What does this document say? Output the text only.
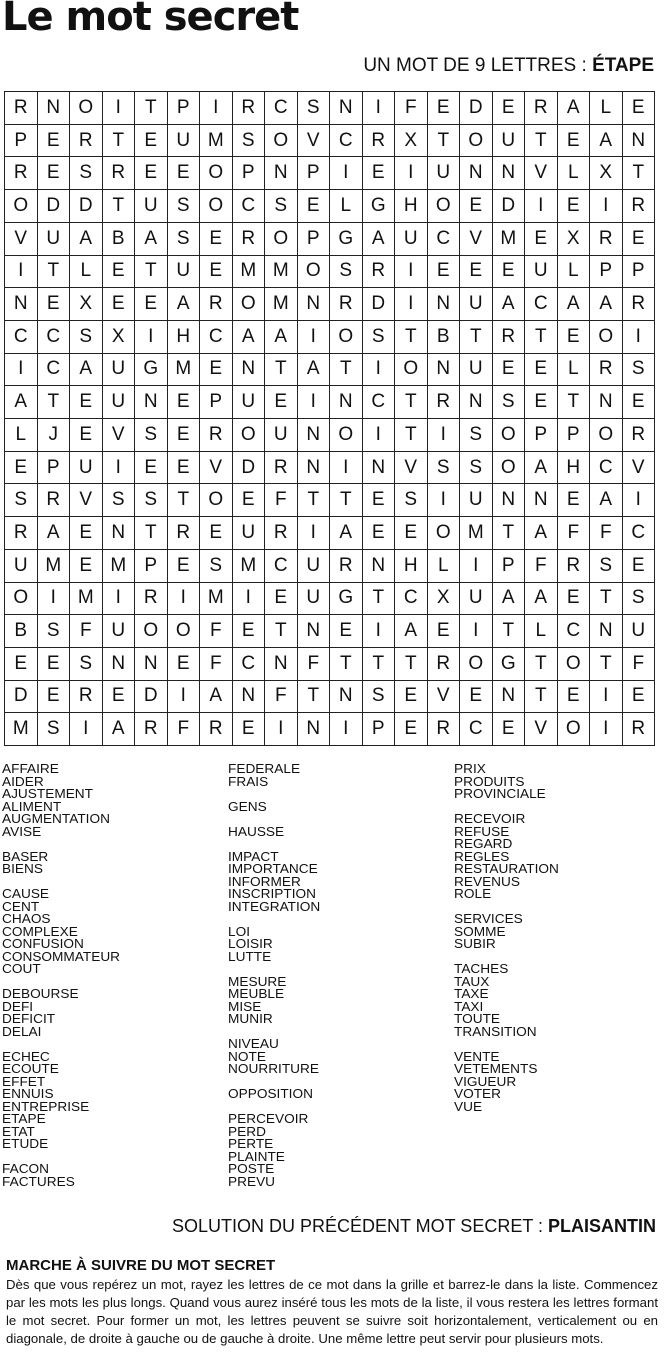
Le mot secret
UN MOT DE 9 LETTRES : ÉTAPE
R N O	I	T	P	I	R C	S	N	I	F	E	D	E	R	A	L	E
P	E	R	T	E	U M S O V	C R	X	T	O U	T	E	A	N
R	E	S	R	E	E O P	N	P	I	E	I	U N N	V	L	X	T
O D D	T	U	S O C	S	E	L	G H O E	D	I	E	I	R
V	U	A	B	A	S	E	R O P G A	U C	V M E	X	R	E
I	T	L	E	T	U	E M M O S	R	I	E	E	E	U	L	P	P
N	E	X	E	E	A	R O M N R D	I	N U	A	C	A	A	R
C C	S	X	I	H C	A	A	I	O S	T	B	T	R	T	E O	I
I	C	A	U G M E	N	T	A	T	I	O N U	E	E	L	R	S
A	T	E	U N	E	P	U	E	I	N C	T	R N	S	E	T	N	E
L	J	E	V	S	E	R O U N O	I	T	I	S O P	P O R
E	P	U	I	E	E	V	D R N	I	N	V	S	S O A	H C	V
S	R	V	S	S	T	O E	F	T	T	E	S	I	U N N	E	A	I
R	A	E	N	T	R	E	U R	I	A	E	E O M T	A	F	F	C
U M E M P	E	S M C U R N H	L	I	P	F	R	S	E
O	I	M	I	R	I	M	I	E	U G	T	C	X	U	A	A	E	T	S
B	S	F	U O O	F	E	T	N	E	I	A	E	I	T	L	C N U
E	E	S	N N	E	F	C N	F	T	T	T	R O G	T	O	T	F
D	E	R	E	D	I	A	N	F	T	N	S	E	V	E	N	T	E	I	E
M S	I	A	R	F	R	E	I	N	I	P	E	R C	E	V O	I	R
AFFAIRE
AIDER
AJUSTEMENT
ALIMENT
AUGMENTATION
AVISE
BASER
BIENS
CAUSE
CENT
CHAOS
COMPLEXE
CONFUSION
CONSOMMATEUR
COUT
DEBOURSE
DEFI
DEFICIT
DELAI
ECHEC
ECOUTE
EFFET
ENNUIS
ENTREPRISE
ETAPE
ETAT
ETUDE
FACON
FACTURES
FEDERALE
FRAIS
GENS
HAUSSE
IMPACT
IMPORTANCE
INFORMER
INSCRIPTION
INTEGRATION
LOI
LOISIR
LUTTE
MESURE
MEUBLE
MISE
MUNIR
NIVEAU
NOTE
NOURRITURE
OPPOSITION
PERCEVOIR
PERD
PERTE
PLAINTE
POSTE
PREVU
PRIX
PRODUITS
PROVINCIALE
RECEVOIR
REFUSE
REGARD
REGLES
RESTAURATION
REVENUS
ROLE
SERVICES
SOMME
SUBIR
TACHES
TAUX
TAXE
TAXI
TOUTE
TRANSITION
VENTE
VETEMENTS
VIGUEUR
VOTER
VUE
SOLUTION DU PRÉCÉDENT MOT SECRET : PLAISANTIN
MARCHE À SUIVRE DU MOT SECRET
Dès que vous repérez un mot, rayez les lettres de ce mot dans la grille et barrez-le dans la liste. Commencez par les mots les plus longs. Quand vous aurez inséré tous les mots de la liste, il vous restera les lettres formant le mot secret. Pour former un mot, les lettres peuvent se suivre soit horizontalement, verticalement ou en diagonale, de droite à gauche ou de gauche à droite. Une même lettre peut servir pour plusieurs mots.
